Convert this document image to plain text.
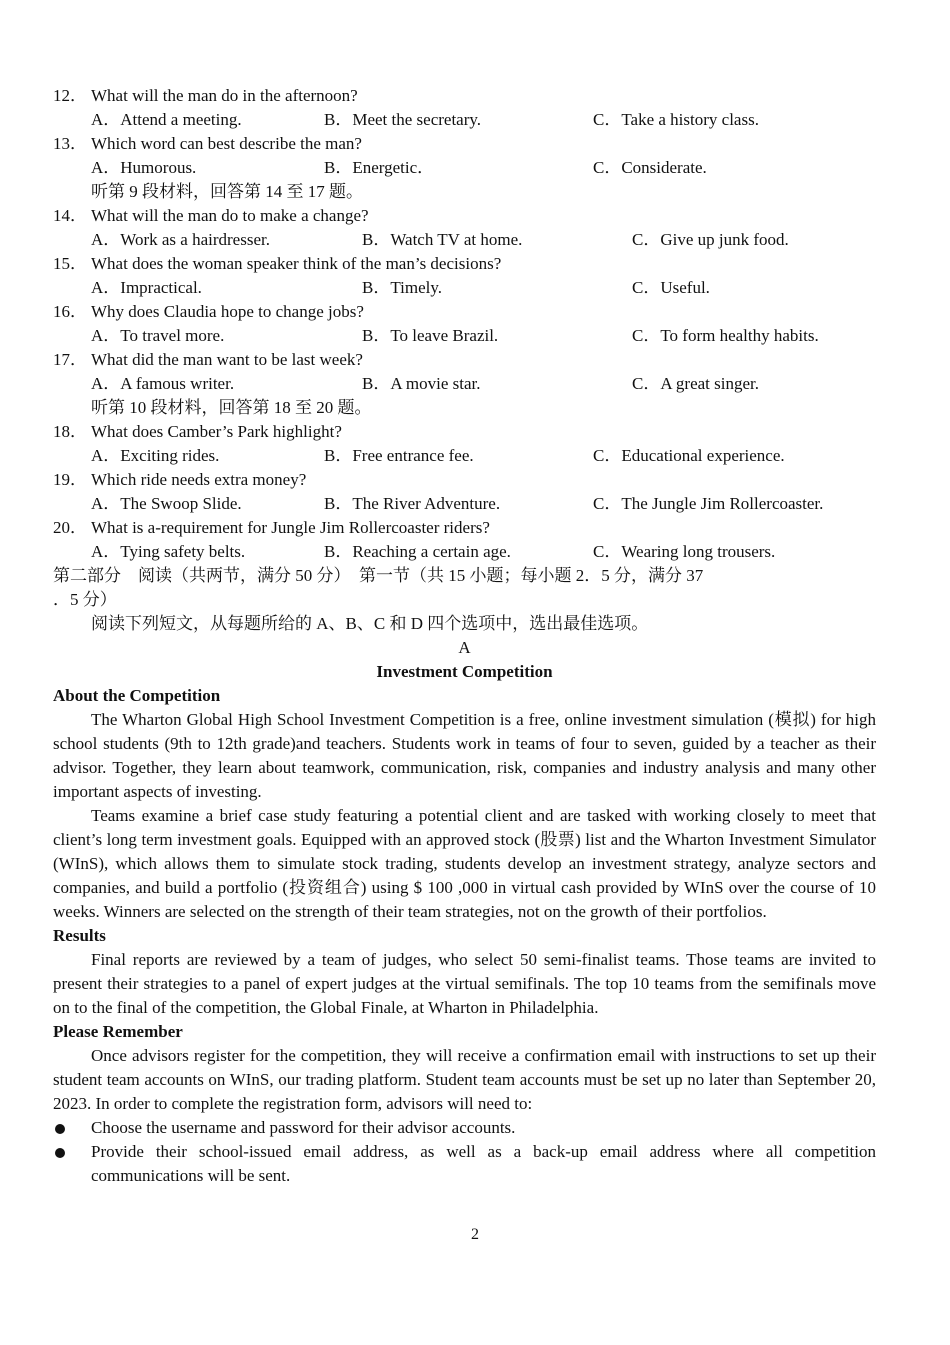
12． What will the man do in the afternoon?
A．Attend a meeting.	B．Meet the secretary.	C．Take a history class.
13． Which word can best describe the man?
A．Humorous.	B．Energetic．	C．Considerate.
听第 9 段材料，回答第 14 至 17 题。
14． What will the man do to make a change?
A．Work as a hairdresser.	B．Watch TV at home.	C．Give up junk food.
15． What does the woman speaker think of the man’s decisions?
A．Impractical.	B．Timely.	C．Useful.
16． Why does Claudia hope to change jobs?
A．To travel more.	B．To leave Brazil.	C．To form healthy habits.
17． What did the man want to be last week?
A．A famous writer.	B．A movie star.	C．A great singer.
听第 10 段材料，回答第 18 至 20 题。
18． What does Camber’s Park highlight?
A．Exciting rides.	B．Free entrance fee.	C．Educational experience.
19． Which ride needs extra money?
A．The Swoop Slide.	B．The River Adventure.	C．The Jungle Jim Rollercoaster.
20． What is a-requirement for Jungle Jim Rollercoaster riders?
A．Tying safety belts.	B．Reaching a certain age.	C．Wearing long trousers.
第二部分　阅读（共两节，满分 50 分）　第一节（共 15 小题；每小题 2．5 分，满分 37
．5 分）
阅读下列短文，从每题所给的 A、B、C 和 D 四个选项中，选出最佳选项。
A
Investment Competition
About the Competition
The Wharton Global High School Investment Competition is a free, online investment simulation (模拟) for high school students (9th to 12th grade)and teachers. Students work in teams of four to seven, guided by a teacher as their advisor. Together, they learn about teamwork, communication, risk, companies and industry analysis and many other important aspects of investing.
Teams examine a brief case study featuring a potential client and are tasked with working closely to meet that client’s long term investment goals. Equipped with an approved stock (股票) list and the Wharton Investment Simulator (WInS), which allows them to simulate stock trading, students develop an investment strategy, analyze sectors and companies, and build a portfolio (投资组合) using $ 100 ,000 in virtual cash provided by WInS over the course of 10 weeks. Winners are selected on the strength of their team strategies, not on the growth of their portfolios.
Results
Final reports are reviewed by a team of judges, who select 50 semi-finalist teams. Those teams are invited to present their strategies to a panel of expert judges at the virtual semifinals. The top 10 teams from the semifinals move on to the final of the competition, the Global Finale, at Wharton in Philadelphia.
Please Remember
Once advisors register for the competition, they will receive a confirmation email with instructions to set up their student team accounts on WInS, our trading platform. Student team accounts must be set up no later than September 20, 2023. In order to complete the registration form, advisors will need to:
Choose the username and password for their advisor accounts.
Provide their school-issued email address, as well as a back-up email address where all competition communications will be sent.
2
